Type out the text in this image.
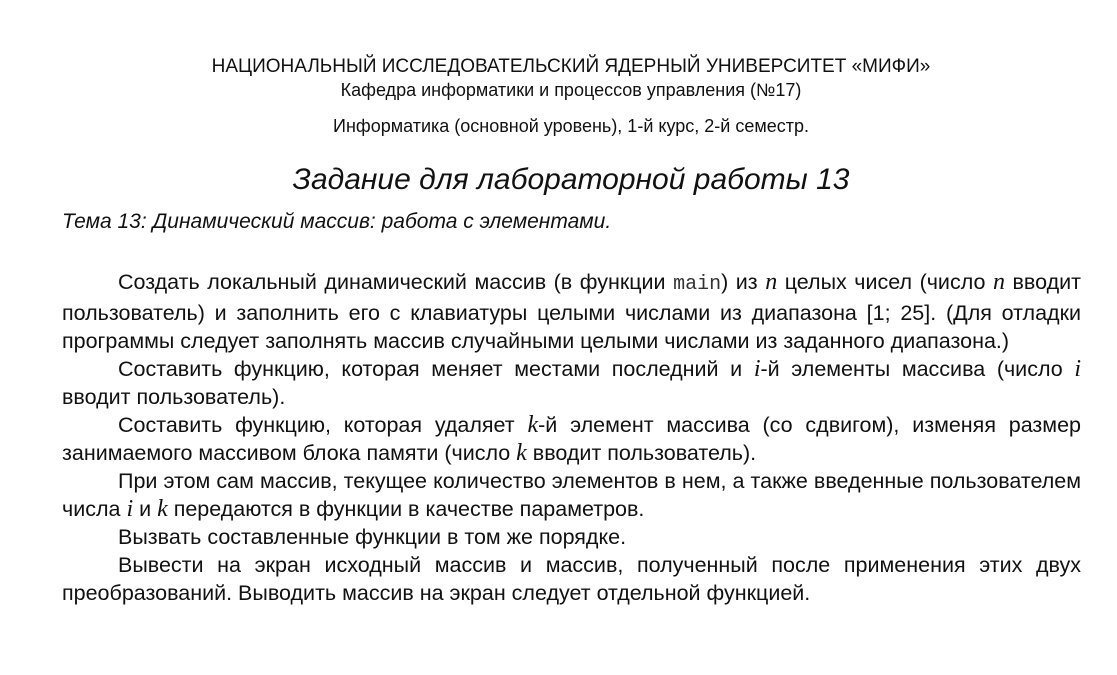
НАЦИОНАЛЬНЫЙ ИССЛЕДОВАТЕЛЬСКИЙ ЯДЕРНЫЙ УНИВЕРСИТЕТ «МИФИ»
Кафедра информатики и процессов управления (№17)
Информатика (основной уровень), 1-й курс, 2-й семестр.
Задание для лабораторной работы 13
Тема 13: Динамический массив: работа с элементами.

Создать локальный динамический массив (в функции main) из n целых чисел (число n вводит пользователь) и заполнить его с клавиатуры целыми числами из диапазона [1; 25]. (Для отладки программы следует заполнять массив случайными целыми числами из заданного диапазона.)

Составить функцию, которая меняет местами последний и i-й элементы массива (число i вводит пользователь).

Составить функцию, которая удаляет k-й элемент массива (со сдвигом), изменяя размер занимаемого массивом блока памяти (число k вводит пользователь).

При этом сам массив, текущее количество элементов в нем, а также введенные пользователем числа i и k передаются в функции в качестве параметров.

Вызвать составленные функции в том же порядке.

Вывести на экран исходный массив и массив, полученный после применения этих двух преобразований. Выводить массив на экран следует отдельной функцией.
